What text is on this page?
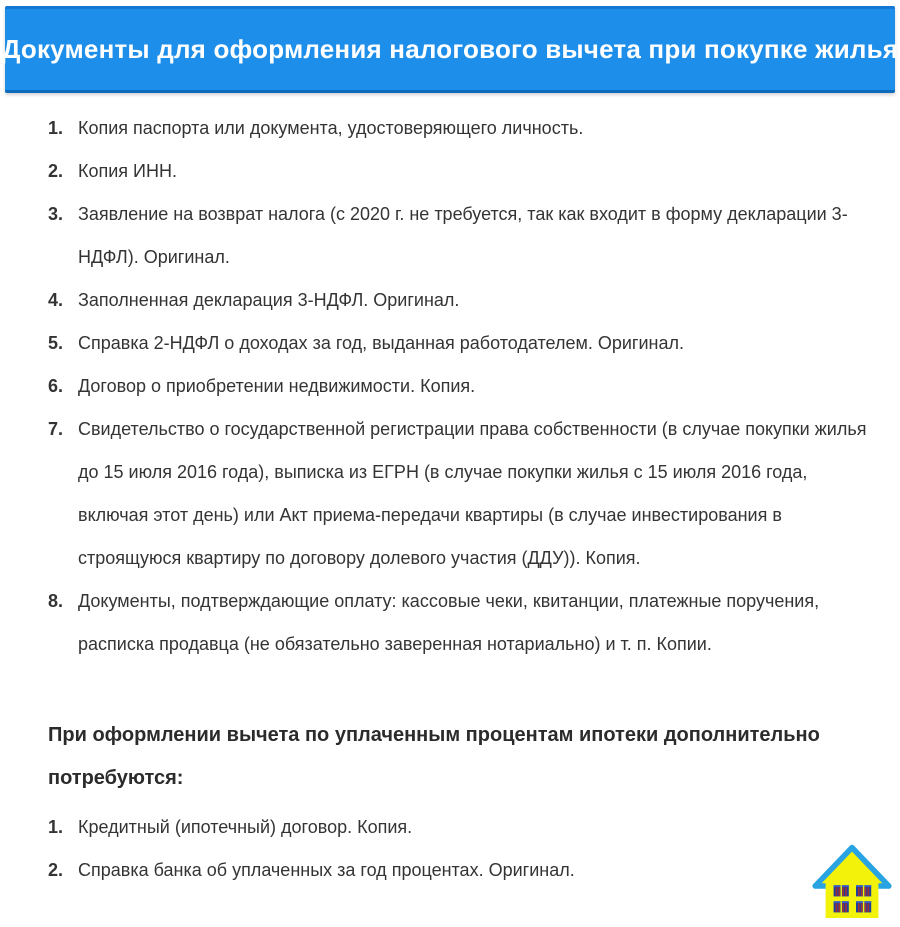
Документы для оформления налогового вычета при покупке жилья
1. Копия паспорта или документа, удостоверяющего личность.
2. Копия ИНН.
3. Заявление на возврат налога (с 2020 г. не требуется, так как входит в форму декларации 3-НДФЛ). Оригинал.
4. Заполненная декларация 3-НДФЛ. Оригинал.
5. Справка 2-НДФЛ о доходах за год, выданная работодателем. Оригинал.
6. Договор о приобретении недвижимости. Копия.
7. Свидетельство о государственной регистрации права собственности (в случае покупки жилья до 15 июля 2016 года), выписка из ЕГРН (в случае покупки жилья с 15 июля 2016 года, включая этот день) или Акт приема-передачи квартиры (в случае инвестирования в строящуюся квартиру по договору долевого участия (ДДУ)). Копия.
8. Документы, подтверждающие оплату: кассовые чеки, квитанции, платежные поручения, расписка продавца (не обязательно заверенная нотариально) и т. п. Копии.
При оформлении вычета по уплаченным процентам ипотеки дополнительно потребуются:
1. Кредитный (ипотечный) договор. Копия.
2. Справка банка об уплаченных за год процентах. Оригинал.
